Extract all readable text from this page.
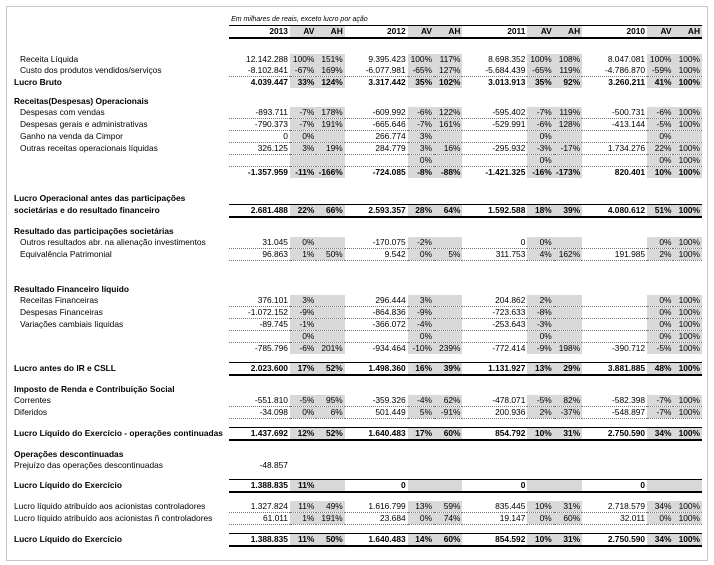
	Em milhares de reais, exceto lucro por ação											
	2013	AV	AH	2012	AV	AH	2011	AV	AH	2010	AV	AH

Receita Líquida	12.142.288	100%	151%	9.395.423	100%	117%	8.698.352	100%	108%	8.047.081	100%	100%
Custo dos produtos vendidos/serviços	-8.102.841	-67%	169%	-6.077.981	-65%	127%	-5.684.439	-65%	119%	-4.786.870	-59%	100%
Lucro Bruto	4.039.447	33%	124%	3.317.442	35%	102%	3.013.913	35%	92%	3.260.211	41%	100%

Receitas(Despesas) Operacionais												
Despesas com vendas	-893.711	-7%	178%	-609.992	-6%	122%	-595.402	-7%	119%	-500.731	-6%	100%
Despesas gerais e administrativas	-790.373	-7%	191%	-665.646	-7%	161%	-529.991	-6%	128%	-413.144	-5%	100%
Ganho na venda da Cimpor	0	0%		266.774	3%			0%			0%	
Outras receitas operacionais líquidas	326.125	3%	19%	284.779	3%	16%	-295.932	-3%	-17%	1.734.276	22%	100%
					0%			0%			0%	100%
	-1.357.959	-11%	-166%	-724.085	-8%	-88%	-1.421.325	-16%	-173%	820.401	10%	100%

Lucro Operacional antes das participações												
societárias e do resultado financeiro	2.681.488	22%	66%	2.593.357	28%	64%	1.592.588	18%	39%	4.080.612	51%	100%

Resultado das participações societárias												
Outros resultados abr. na alienação investimentos	31.045	0%		-170.075	-2%		0	0%			0%	100%
Equivalência Patrimonial	96.863	1%	50%	9.542	0%	5%	311.753	4%	162%	191.985	2%	100%

Resultado Financeiro líquido												
Receitas Financeiras	376.101	3%		296.444	3%		204.862	2%			0%	100%
Despesas Financeiras	-1.072.152	-9%		-864.836	-9%		-723.633	-8%			0%	100%
Variações cambiais líquidas	-89.745	-1%		-366.072	-4%		-253.643	-3%			0%	100%
		0%			0%			0%			0%	100%
	-785.796	-6%	201%	-934.464	-10%	239%	-772.414	-9%	198%	-390.712	-5%	100%

Lucro antes do IR e CSLL	2.023.600	17%	52%	1.498.360	16%	39%	1.131.927	13%	29%	3.881.885	48%	100%

Imposto de Renda e Contribuição Social												
Correntes	-551.810	-5%	95%	-359.326	-4%	62%	-478.071	-5%	82%	-582.398	-7%	100%
Diferidos	-34.098	0%	6%	501.449	5%	-91%	200.936	2%	-37%	-548.897	-7%	100%

Lucro Líquido do Exercício - operações continuadas	1.437.692	12%	52%	1.640.483	17%	60%	854.792	10%	31%	2.750.590	34%	100%

Operações descontinuadas												
Prejuízo das operações descontinuadas	-48.857											

Lucro Líquido do Exercício	1.388.835	11%		0			0			0		

Lucro líquido atribuído aos acionistas controladores	1.327.824	11%	49%	1.616.799	13%	59%	835.445	10%	31%	2.718.579	34%	100%
Lucro líquido atribuído aos acionistas ñ controladores	61.011	1%	191%	23.684	0%	74%	19.147	0%	60%	32.011	0%	100%

Lucro Líquido do Exercício	1.388.835	11%	50%	1.640.483	14%	60%	854.592	10%	31%	2.750.590	34%	100%
